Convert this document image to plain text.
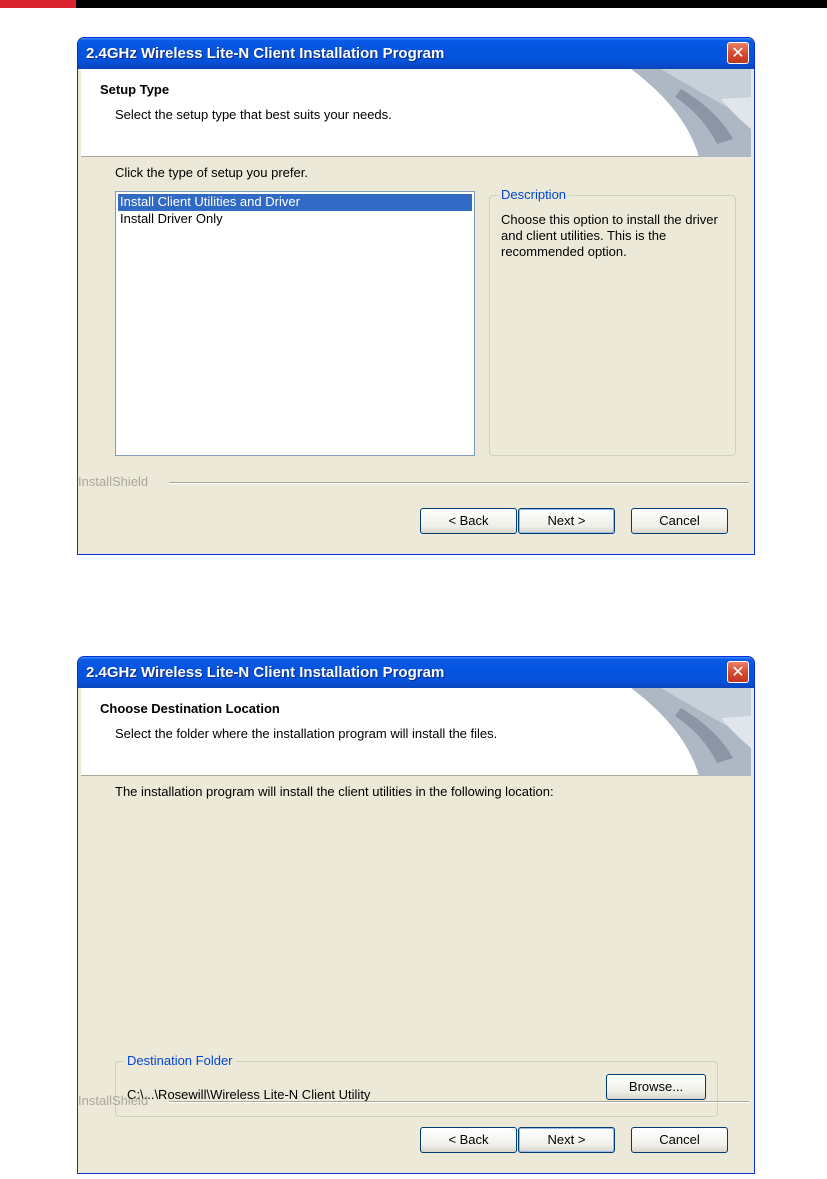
2.4GHz Wireless Lite-N Client Installation Program	✕
Setup Type
Select the setup type that best suits your needs.
Click the type of setup you prefer.
Install Client Utilities and Driver
Install Driver Only
Description
Choose this option to install the driver and client utilities. This is the recommended option.
InstallShield
< Back	Next >	Cancel
2.4GHz Wireless Lite-N Client Installation Program	✕
Choose Destination Location
Select the folder where the installation program will install the files.
The installation program will install the client utilities in the following location:
Destination Folder
C:\...\Rosewill\Wireless Lite-N Client Utility
Browse...
InstallShield
< Back	Next >	Cancel
